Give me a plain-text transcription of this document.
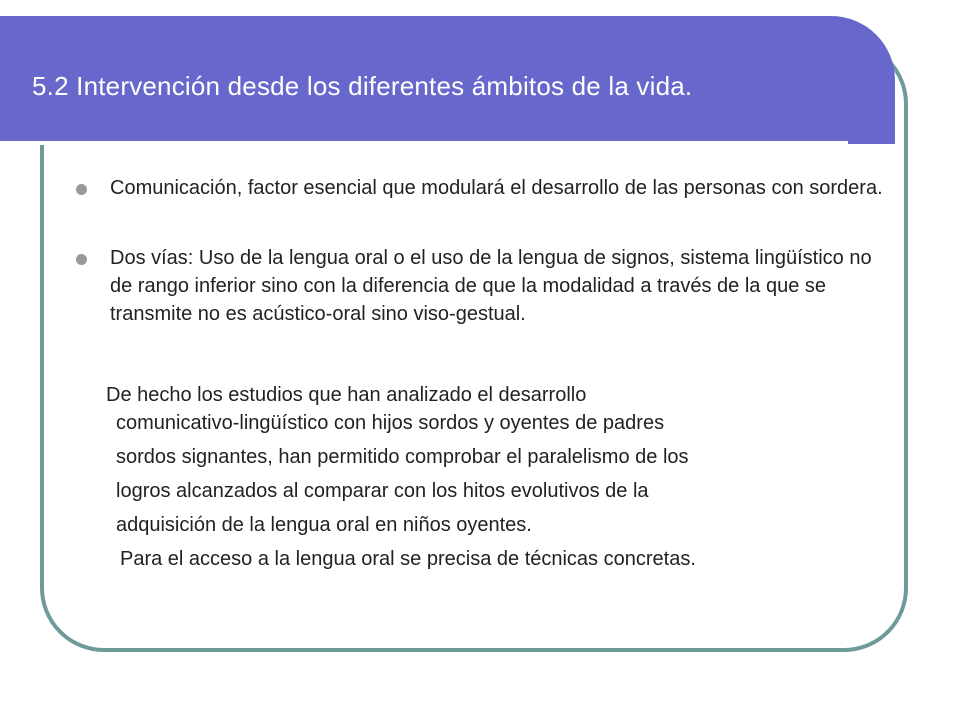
5.2 Intervención desde los diferentes ámbitos de la vida.
Comunicación, factor esencial que modulará el desarrollo de las personas con sordera.
Dos vías: Uso de la lengua oral o el uso de la lengua de signos, sistema lingüístico no de rango inferior sino con la diferencia de que la modalidad a través de la que se transmite no es acústico-oral sino viso-gestual.
De hecho los estudios que han analizado el desarrollo
comunicativo-lingüístico con hijos sordos y oyentes de padres
sordos signantes, han permitido comprobar el paralelismo de los
logros alcanzados al comparar con los hitos evolutivos de la
adquisición de la lengua oral en niños oyentes.
Para el acceso a la lengua oral se precisa de técnicas concretas.
